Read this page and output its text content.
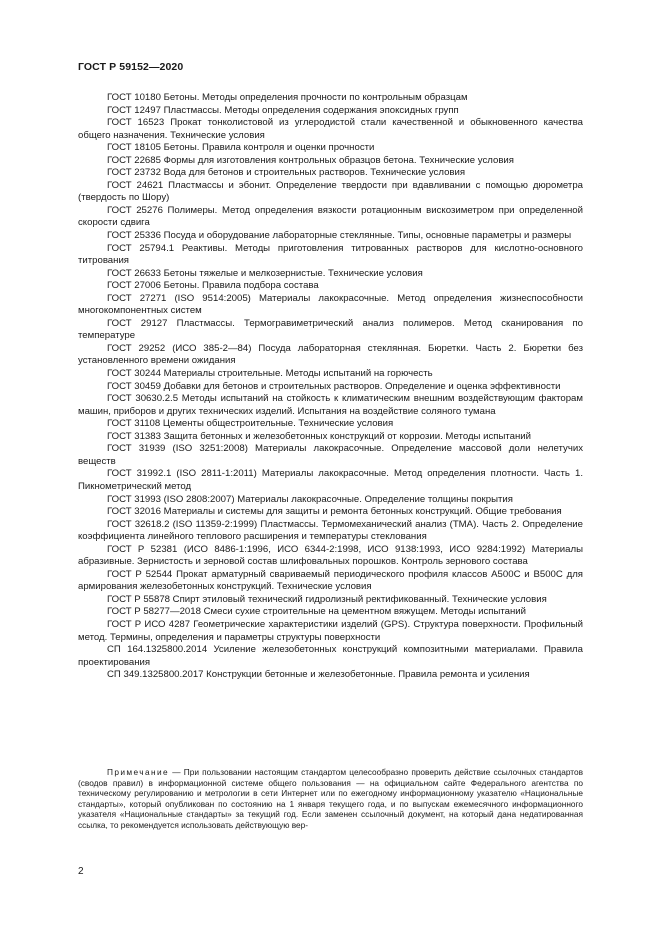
ГОСТ Р 59152—2020

ГОСТ 10180 Бетоны. Методы определения прочности по контрольным образцам

ГОСТ 12497 Пластмассы. Методы определения содержания эпоксидных групп

ГОСТ 16523 Прокат тонколистовой из углеродистой стали качественной и обыкновенного качества общего назначения. Технические условия

ГОСТ 18105 Бетоны. Правила контроля и оценки прочности

ГОСТ 22685 Формы для изготовления контрольных образцов бетона. Технические условия

ГОСТ 23732 Вода для бетонов и строительных растворов. Технические условия

ГОСТ 24621 Пластмассы и эбонит. Определение твердости при вдавливании с помощью дюрометра (твердость по Шору)

ГОСТ 25276 Полимеры. Метод определения вязкости ротационным вискозиметром при определенной скорости сдвига

ГОСТ 25336 Посуда и оборудование лабораторные стеклянные. Типы, основные параметры и размеры

ГОСТ 25794.1 Реактивы. Методы приготовления титрованных растворов для кислотно-основного титрования

ГОСТ 26633 Бетоны тяжелые и мелкозернистые. Технические условия

ГОСТ 27006 Бетоны. Правила подбора состава

ГОСТ 27271 (ISO 9514:2005) Материалы лакокрасочные. Метод определения жизнеспособности многокомпонентных систем

ГОСТ 29127 Пластмассы. Термогравиметрический анализ полимеров. Метод сканирования по температуре

ГОСТ 29252 (ИСО 385-2—84) Посуда лабораторная стеклянная. Бюретки. Часть 2. Бюретки без установленного времени ожидания

ГОСТ 30244 Материалы строительные. Методы испытаний на горючесть

ГОСТ 30459 Добавки для бетонов и строительных растворов. Определение и оценка эффективности

ГОСТ 30630.2.5 Методы испытаний на стойкость к климатическим внешним воздействующим факторам машин, приборов и других технических изделий. Испытания на воздействие соляного тумана

ГОСТ 31108 Цементы общестроительные. Технические условия

ГОСТ 31383 Защита бетонных и железобетонных конструкций от коррозии. Методы испытаний

ГОСТ 31939 (ISO 3251:2008) Материалы лакокрасочные. Определение массовой доли нелетучих веществ

ГОСТ 31992.1 (ISO 2811-1:2011) Материалы лакокрасочные. Метод определения плотности. Часть 1. Пикнометрический метод

ГОСТ 31993 (ISO 2808:2007) Материалы лакокрасочные. Определение толщины покрытия

ГОСТ 32016 Материалы и системы для защиты и ремонта бетонных конструкций. Общие требования

ГОСТ 32618.2 (ISO 11359-2:1999) Пластмассы. Термомеханический анализ (ТМА). Часть 2. Определение коэффициента линейного теплового расширения и температуры стеклования

ГОСТ Р 52381 (ИСО 8486-1:1996, ИСО 6344-2:1998, ИСО 9138:1993, ИСО 9284:1992) Материалы абразивные. Зернистость и зерновой состав шлифовальных порошков. Контроль зернового состава

ГОСТ Р 52544 Прокат арматурный свариваемый периодического профиля классов А500С и В500С для армирования железобетонных конструкций. Технические условия

ГОСТ Р 55878 Спирт этиловый технический гидролизный ректификованный. Технические условия

ГОСТ Р 58277—2018 Смеси сухие строительные на цементном вяжущем. Методы испытаний

ГОСТ Р ИСО 4287 Геометрические характеристики изделий (GPS). Структура поверхности. Профильный метод. Термины, определения и параметры структуры поверхности

СП 164.1325800.2014 Усиление железобетонных конструкций композитными материалами. Правила проектирования

СП 349.1325800.2017 Конструкции бетонные и железобетонные. Правила ремонта и усиления

Примечание — При пользовании настоящим стандартом целесообразно проверить действие ссылочных стандартов (сводов правил) в информационной системе общего пользования — на официальном сайте Федерального агентства по техническому регулированию и метрологии в сети Интернет или по ежегодному информационному указателю «Национальные стандарты», который опубликован по состоянию на 1 января текущего года, и по выпускам ежемесячного информационного указателя «Национальные стандарты» за текущий год. Если заменен ссылочный документ, на который дана недатированная ссылка, то рекомендуется использовать действующую вер-
2
